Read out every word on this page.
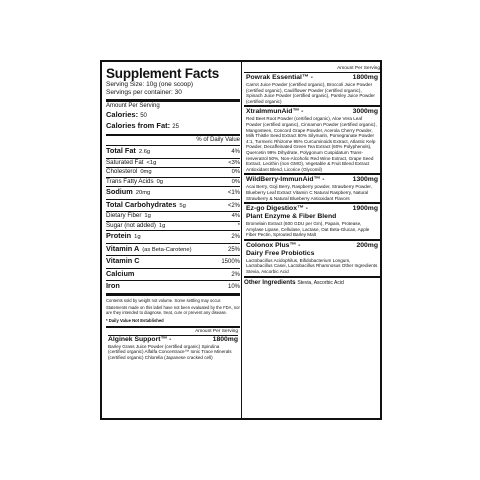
Supplement Facts
Serving Size: 10g (one scoop)
Servings per container: 30
Amount Per Serving
Calories: 50
Calories from Fat: 25
% of Daily Value
Total Fat 2.6g	4%
Saturated Fat <1g	<3%
Cholesterol 0mg	0%
Trans Fatty Acids 0g	0%
Sodium 20mg	<1%
Total Carbohydrates 5g	<2%
Dietary Fiber 1g	4%
Sugar (not added) 1g	*
Protein 1g	2%
Vitamin A (as Beta-Carotene)	25%
Vitamin C	1500%
Calcium	2%
Iron	10%
Contents sold by weight not volume. Some settling may occur.
Statements made on this label have not been evaluated by the FDA, nor are they intended to diagnose, treat, cure or prevent any disease.
* Daily Value Not Established
Amount Per Serving
Alginek Support™ -	1800mg
Barley Grass Juice Powder (certified organic) Spirulina (certified organic) Alfalfa Concentrace™ Ionic Trace Minerals (certified organic) Chlorella (Japanese cracked cell)
Amount Per Serving
Powrak Essential™ -	1800mg
Carrot Juice Powder (certified organic), Broccoli Juice Powder (certified organic), Cauliflower Powder (certified organic), Spinach Juice Powder (certified organic), Parsley Juice Powder (certified organic)
XtraImmunAid™ -	3000mg
Red Beet Root Powder (certified organic), Aloe Vera Leaf Powder (certified organic), Cinnamon Powder (certified organic), Mangosteen, Concord Grape Powder, Acerola Cherry Powder, Milk Thistle Seed Extract 80% Silymarin, Pomegranate Powder 4:1, Turmeric Rhizome 95% Curcuminoids Extract, Atlantic Kelp Powder, Decaffeinated Green Tea Extract (60% Polyphenols), Quercetin 99% Dihydrate, Polygonum Cuspidatum Trans-resveratrol 50%, Non-Alcoholic Red Wine Extract, Grape Seed Extract, Lecithin (non GMO), Vegetable & Fruit Blend Extract Antioxidant Blend, Licorice (Glycomil)
WildBerry-ImmunAid™ -	1300mg
Acai Berry, Goji Berry, Raspberry powder, Strawberry Powder, Blueberry Leaf Extract Vitamin C Natural Raspberry, Natural Strawberry & Natural Blueberry Antioxidant Flavors
Ez-go Digestiox™ -	1900mg
Plant Enzyme & Fiber Blend
Bromelain Extract (600 GDU per Gm), Papain, Protease, Amylase Lipase, Cellulase, Lactase, Oat Beta-Glucan, Apple Fiber Pectin, Sprouted Barley Malt
Colonox Plus™ -	200mg
Dairy Free Probiotics
Lactobacillus Acidophilus, Bifidobacterium Longum, Lactobacillus Casei, Lactobacillus Rhamnosus Other Ingredients Stevia, Ascorbic Acid
Other Ingredients Stevia, Ascorbic Acid
